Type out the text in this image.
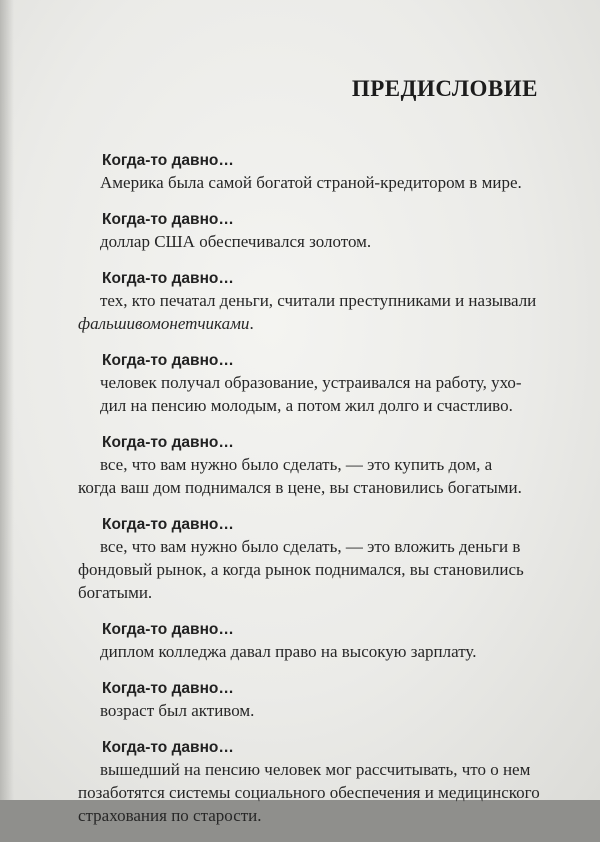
ПРЕДИСЛОВИЕ
Когда-то давно…
Америка была самой богатой страной-кредитором в мире.
Когда-то давно…
доллар США обеспечивался золотом.
Когда-то давно…
тех, кто печатал деньги, считали преступниками и называли
фальшивомонетчиками.
Когда-то давно…
человек получал образование, устраивался на работу, ухо-
дил на пенсию молодым, а потом жил долго и счастливо.
Когда-то давно…
все, что вам нужно было сделать, — это купить дом, а
когда ваш дом поднимался в цене, вы становились богатыми.
Когда-то давно…
все, что вам нужно было сделать, — это вложить деньги в
фондовый рынок, а когда рынок поднимался, вы становились
богатыми.
Когда-то давно…
диплом колледжа давал право на высокую зарплату.
Когда-то давно…
возраст был активом.
Когда-то давно…
вышедший на пенсию человек мог рассчитывать, что о нем
позаботятся системы социального обеспечения и медицинского
страхования по старости.
